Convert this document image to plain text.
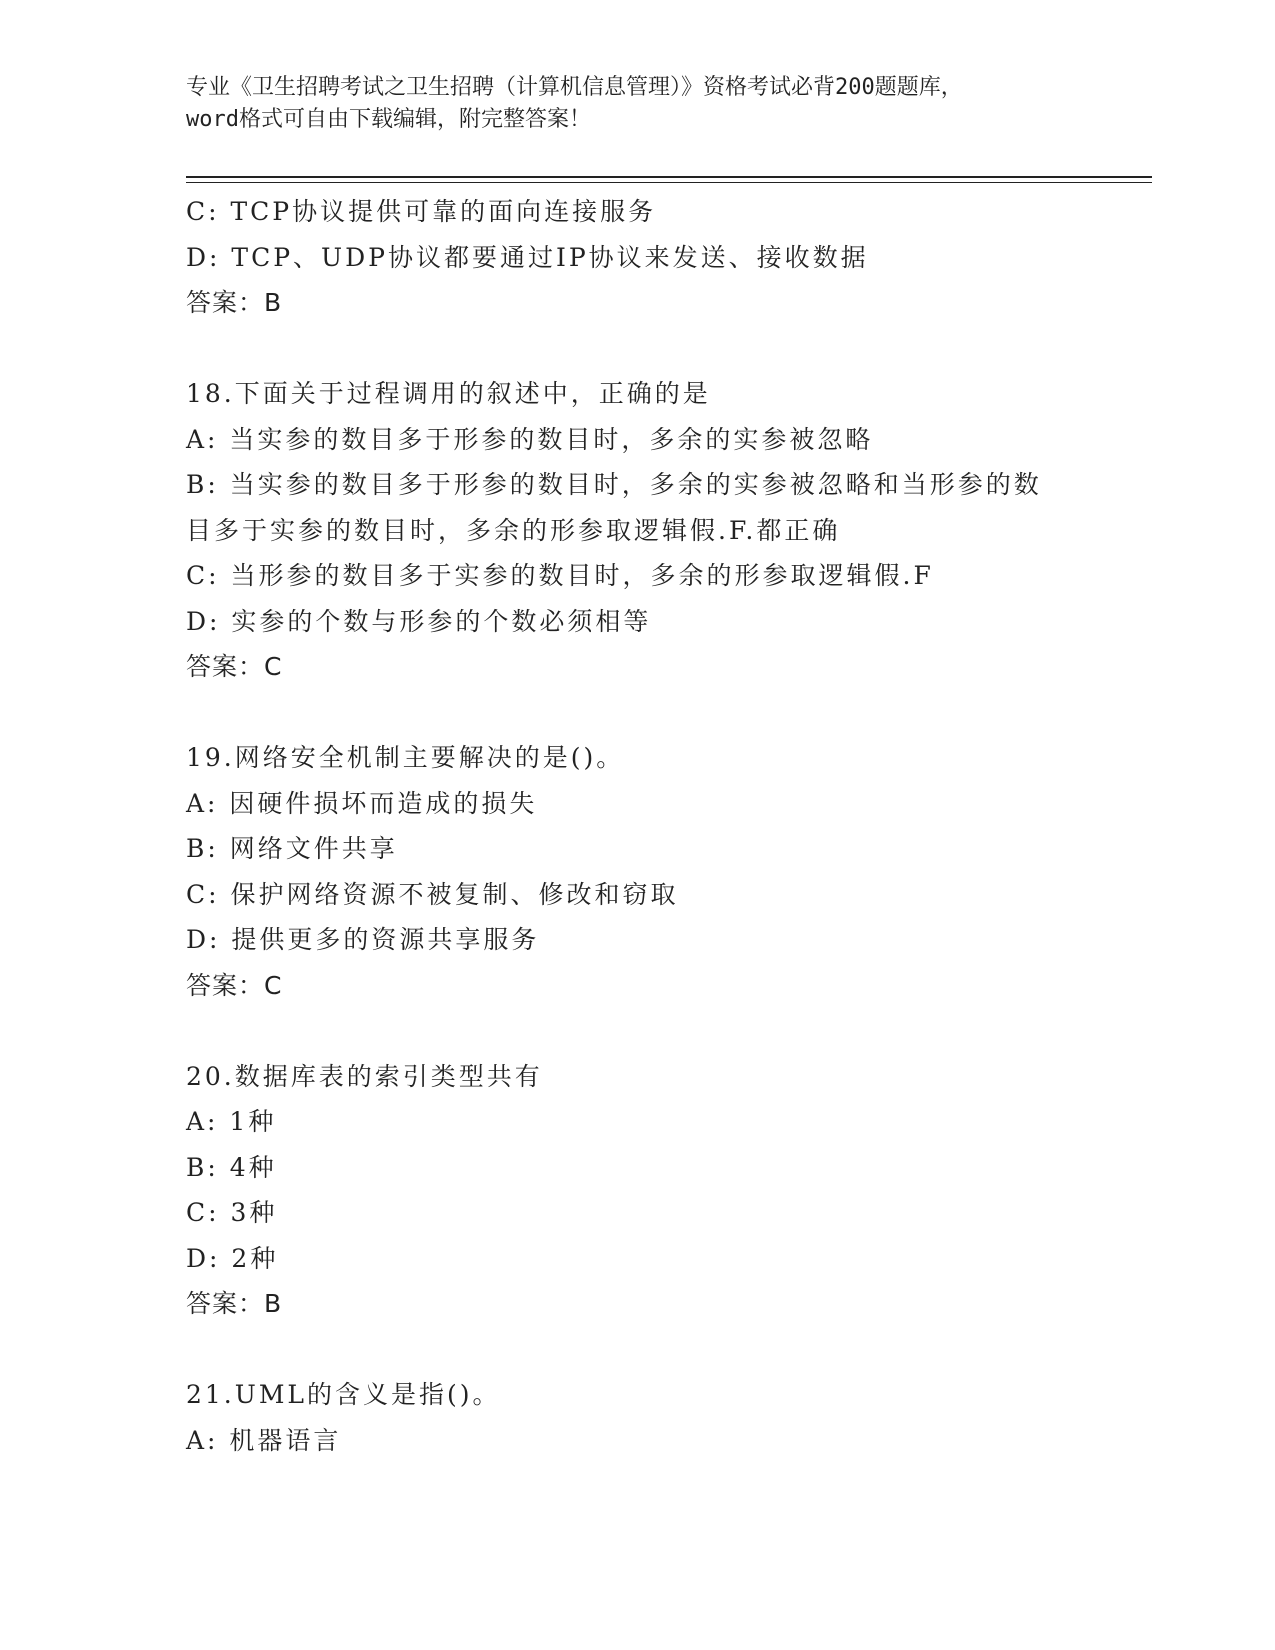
专业《卫生招聘考试之卫生招聘（计算机信息管理）》资格考试必背200题题库，
word格式可自由下载编辑，附完整答案！
C: TCP协议提供可靠的面向连接服务
D: TCP、UDP协议都要通过IP协议来发送、接收数据
答案：B
18.下面关于过程调用的叙述中，正确的是
A: 当实参的数目多于形参的数目时，多余的实参被忽略
B: 当实参的数目多于形参的数目时，多余的实参被忽略和当形参的数
目多于实参的数目时，多余的形参取逻辑假.F.都正确
C: 当形参的数目多于实参的数目时，多余的形参取逻辑假.F
D: 实参的个数与形参的个数必须相等
答案：C
19.网络安全机制主要解决的是()。
A: 因硬件损坏而造成的损失
B: 网络文件共享
C: 保护网络资源不被复制、修改和窃取
D: 提供更多的资源共享服务
答案：C
20.数据库表的索引类型共有
A: 1种
B: 4种
C: 3种
D: 2种
答案：B
21.UML的含义是指()。
A: 机器语言
